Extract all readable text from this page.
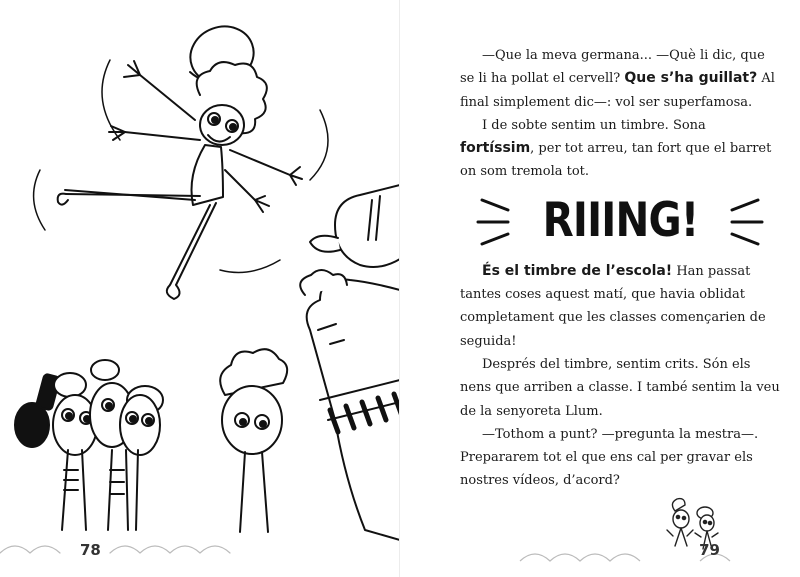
78

—Que la meva germana... —Què li dic, que se li ha pollat el cervell? Que s’ha guillat? Al final simplement dic—: vol ser superfamosa.

I de sobte sentim un timbre. Sona fortíssim, per tot arreu, tan fort que el barret on som tremola tot.

RIIING!

És el timbre de l’escola! Han passat tantes coses aquest matí, que havia oblidat completament que les classes començarien de seguida!

Després del timbre, sentim crits. Són els nens que arriben a classe. I també sentim la veu de la senyoreta Llum.

—Tothom a punt? —pregunta la mestra—. Prepararem tot el que ens cal per gravar els nostres vídeos, d’acord?

79
